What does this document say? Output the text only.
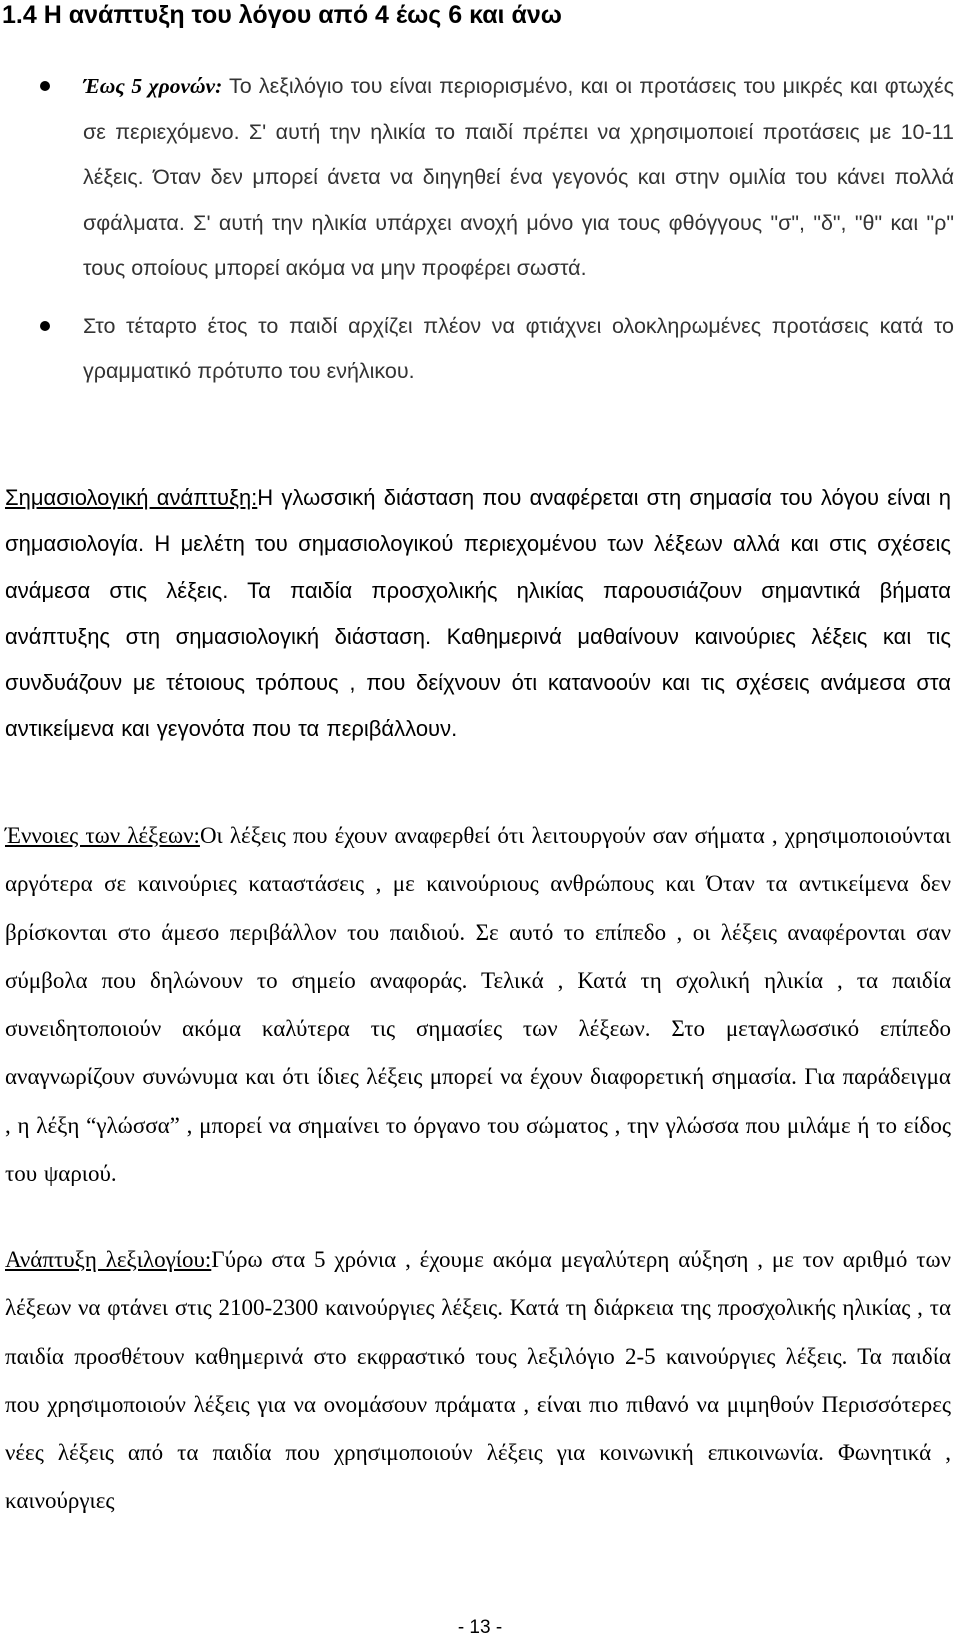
1.4 Η ανάπτυξη του λόγου από 4 έως 6 και άνω
Έως 5 χρονών: Το λεξιλόγιο του είναι περιορισμένο, και οι προτάσεις του μικρές και φτωχές σε περιεχόμενο. Σ' αυτή την ηλικία το παιδί πρέπει να χρησιμοποιεί προτάσεις με 10-11 λέξεις. Όταν δεν μπορεί άνετα να διηγηθεί ένα γεγονός και στην ομιλία του κάνει πολλά σφάλματα. Σ' αυτή την ηλικία υπάρχει ανοχή μόνο για τους φθόγγους "σ", "δ", "θ" και "ρ" τους οποίους μπορεί ακόμα να μην προφέρει σωστά.
Στο τέταρτο έτος το παιδί αρχίζει πλέον να φτιάχνει ολοκληρωμένες προτάσεις κατά το γραμματικό πρότυπο του ενήλικου.

Σημασιολογική ανάπτυξη:Η γλωσσική διάσταση που αναφέρεται στη σημασία του λόγου είναι η σημασιολογία. Η μελέτη του σημασιολογικού περιεχομένου των λέξεων αλλά και στις σχέσεις ανάμεσα στις λέξεις. Τα παιδία προσχολικής ηλικίας παρουσιάζουν σημαντικά βήματα ανάπτυξης στη σημασιολογική διάσταση. Καθημερινά μαθαίνουν καινούριες λέξεις και τις συνδυάζουν με τέτοιους τρόπους , που δείχνουν ότι κατανοούν και τις σχέσεις ανάμεσα στα αντικείμενα και γεγονότα που τα περιβάλλουν.

Έννοιες των λέξεων:Οι λέξεις που έχουν αναφερθεί ότι λειτουργούν σαν σήματα , χρησιμοποιούνται αργότερα σε καινούριες καταστάσεις , με καινούριους ανθρώπους και Όταν τα αντικείμενα δεν βρίσκονται στο άμεσο περιβάλλον του παιδιού. Σε αυτό το επίπεδο , οι λέξεις αναφέρονται σαν σύμβολα που δηλώνουν το σημείο αναφοράς. Τελικά , Κατά τη σχολική ηλικία , τα παιδία συνειδητοποιούν ακόμα καλύτερα τις σημασίες των λέξεων. Στο μεταγλωσσικό επίπεδο αναγνωρίζουν συνώνυμα και ότι ίδιες λέξεις μπορεί να έχουν διαφορετική σημασία. Για παράδειγμα , η λέξη “γλώσσα” , μπορεί να σημαίνει το όργανο του σώματος , την γλώσσα που μιλάμε ή το είδος του ψαριού.

Ανάπτυξη λεξιλογίου:Γύρω στα 5 χρόνια , έχουμε ακόμα μεγαλύτερη αύξηση , με τον αριθμό των λέξεων να φτάνει στις 2100-2300 καινούργιες λέξεις. Κατά τη διάρκεια της προσχολικής ηλικίας , τα παιδία προσθέτουν καθημερινά στο εκφραστικό τους λεξιλόγιο 2-5 καινούργιες λέξεις. Τα παιδία που χρησιμοποιούν λέξεις για να ονομάσουν πράματα , είναι πιο πιθανό να μιμηθούν Περισσότερες νέες λέξεις από τα παιδία που χρησιμοποιούν λέξεις για κοινωνική επικοινωνία. Φωνητικά , καινούργιες

- 13 -
